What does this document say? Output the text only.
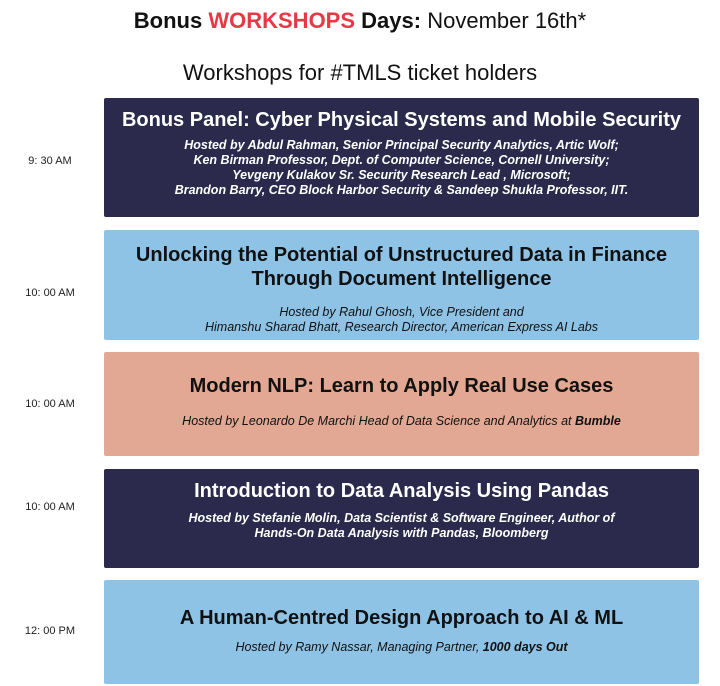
Bonus WORKSHOPS Days: November 16th*
Workshops for #TMLS ticket holders
9: 30 AM
Bonus Panel: Cyber Physical Systems and Mobile Security
Hosted by Abdul Rahman, Senior Principal Security Analytics, Artic Wolf;
Ken Birman Professor, Dept. of Computer Science, Cornell University;
Yevgeny Kulakov Sr. Security Research Lead , Microsoft;
Brandon Barry, CEO Block Harbor Security & Sandeep Shukla Professor, IIT.
10: 00 AM
Unlocking the Potential of Unstructured Data in Finance
Through Document Intelligence
Hosted by Rahul Ghosh, Vice President and
Himanshu Sharad Bhatt, Research Director, American Express AI Labs
10: 00 AM
Modern NLP: Learn to Apply Real Use Cases
Hosted by Leonardo De Marchi Head of Data Science and Analytics at Bumble
10: 00 AM
Introduction to Data Analysis Using Pandas
Hosted by Stefanie Molin, Data Scientist & Software Engineer, Author of
Hands-On Data Analysis with Pandas, Bloomberg
12: 00 PM
A Human-Centred Design Approach to AI & ML
Hosted by Ramy Nassar, Managing Partner, 1000 days Out
